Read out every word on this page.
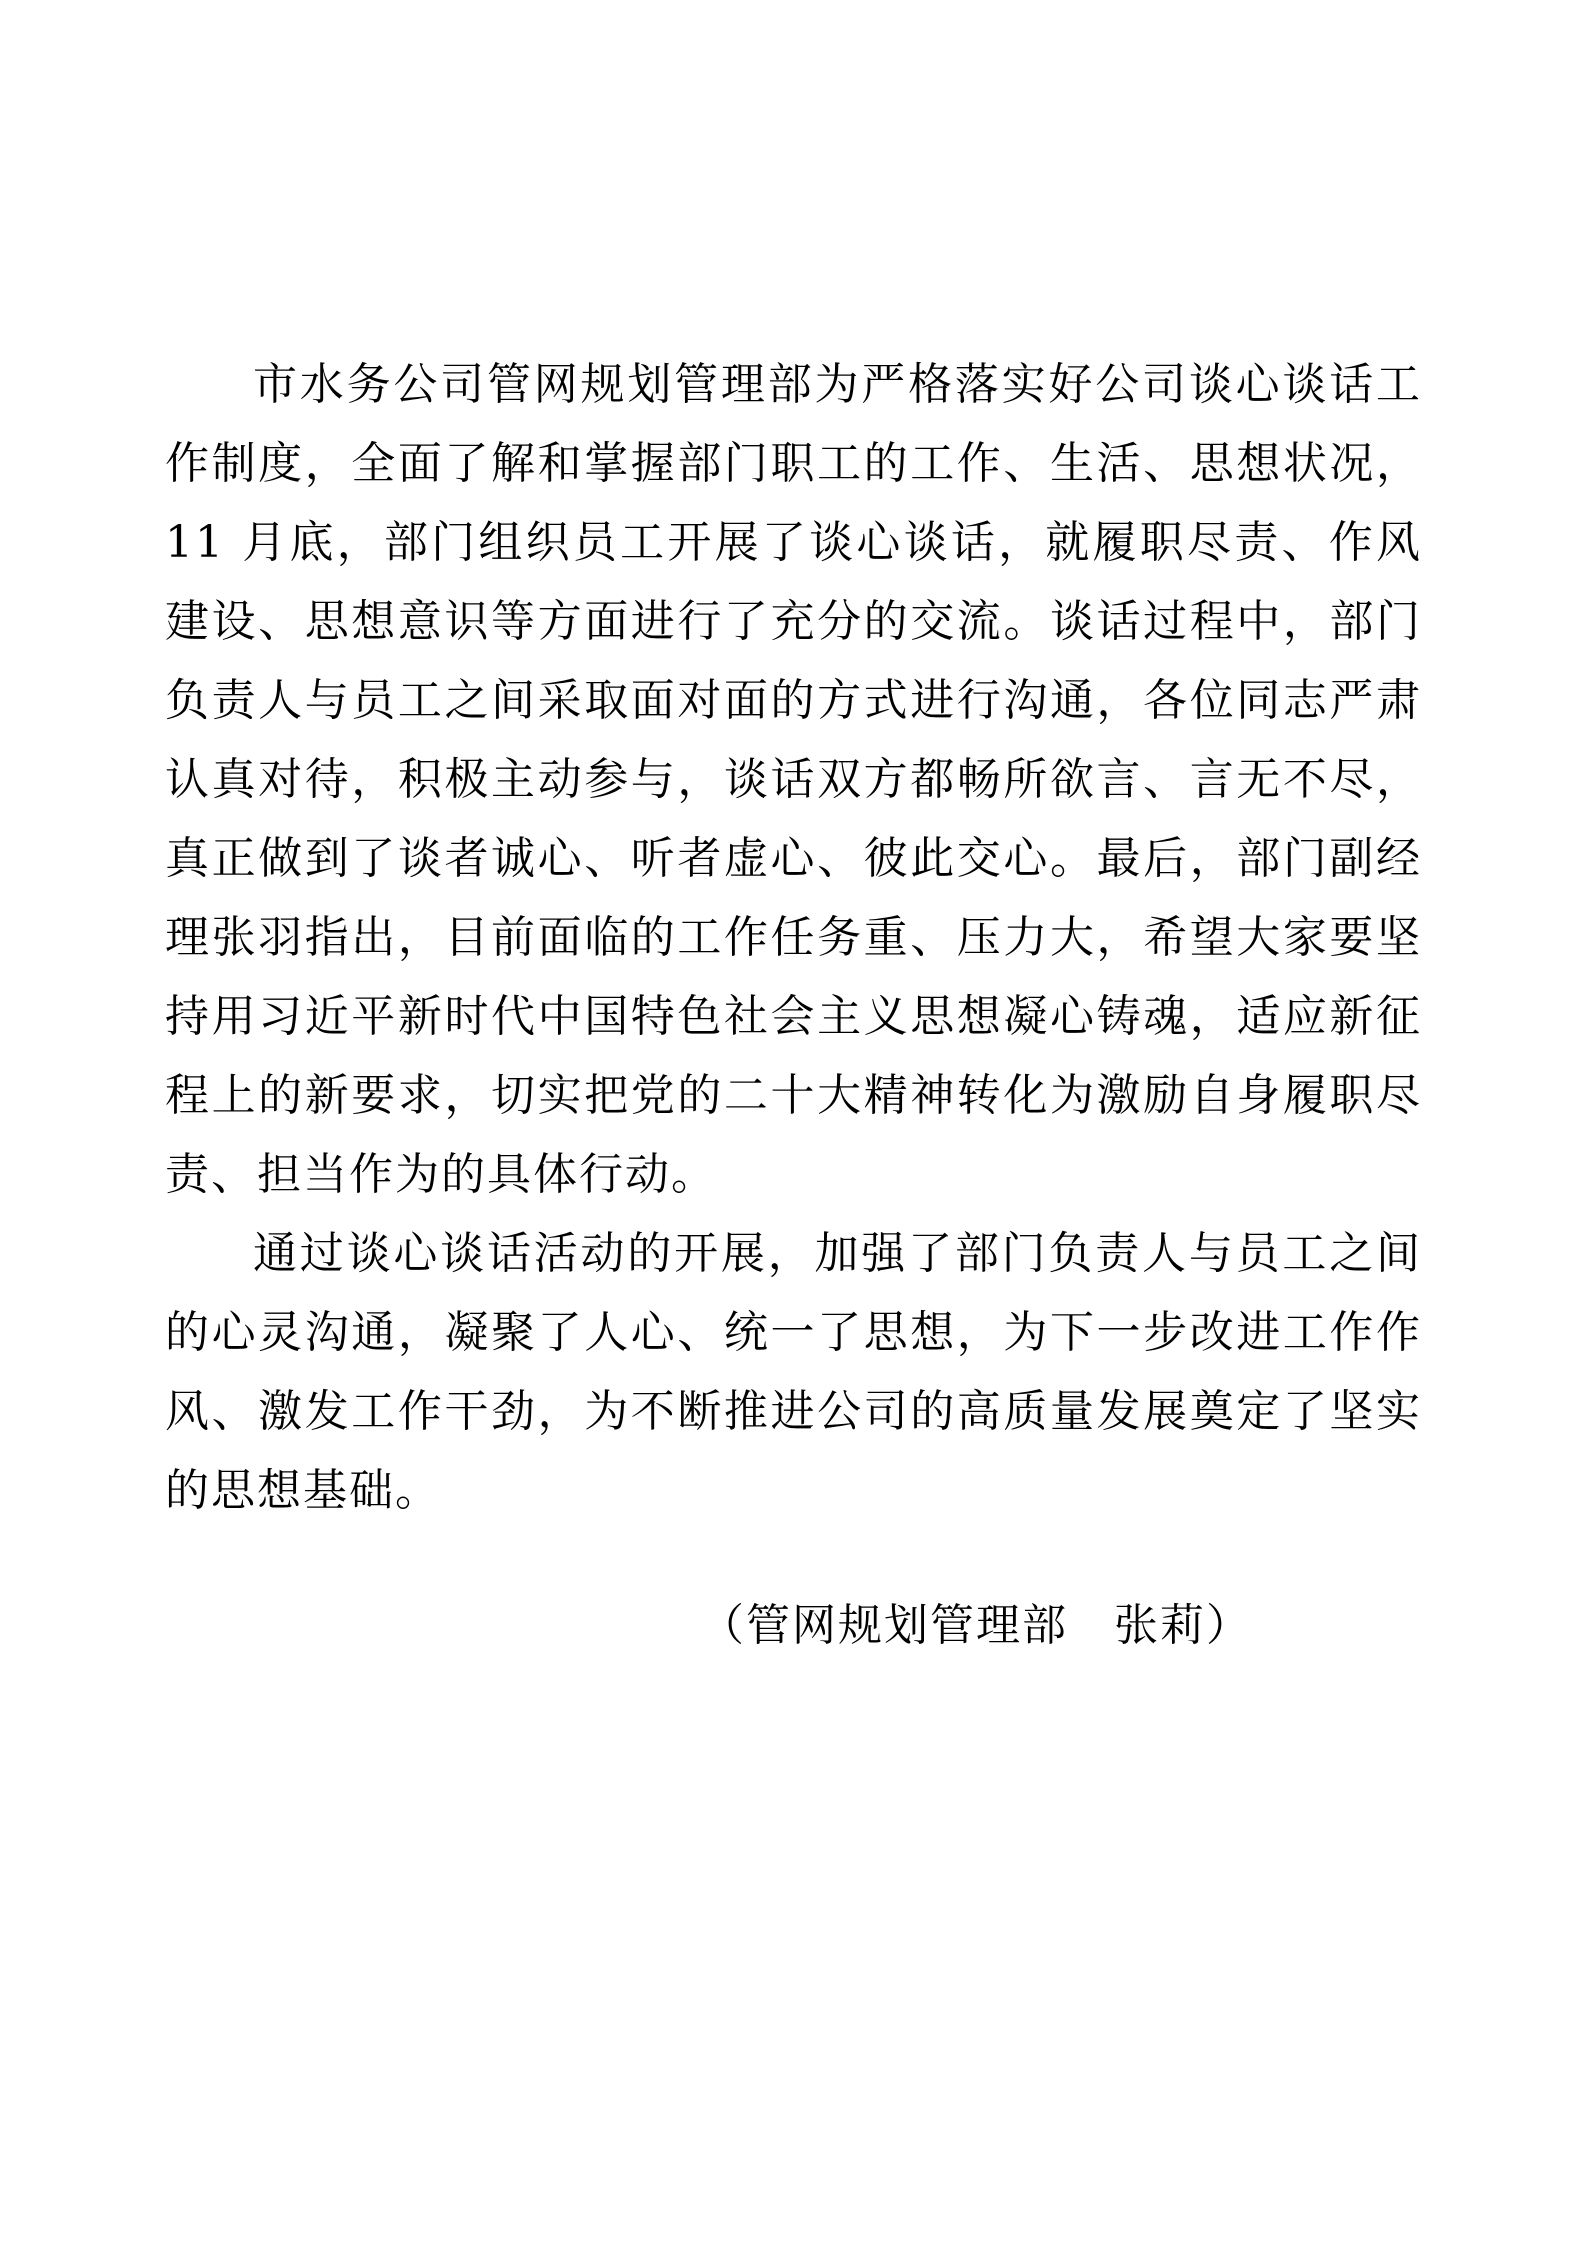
市水务公司管网规划管理部为严格落实好公司谈心谈话工作制度，全面了解和掌握部门职工的工作、生活、思想状况，11 月底，部门组织员工开展了谈心谈话，就履职尽责、作风建设、思想意识等方面进行了充分的交流。谈话过程中，部门负责人与员工之间采取面对面的方式进行沟通，各位同志严肃认真对待，积极主动参与，谈话双方都畅所欲言、言无不尽，真正做到了谈者诚心、听者虚心、彼此交心。最后，部门副经理张羽指出，目前面临的工作任务重、压力大，希望大家要坚持用习近平新时代中国特色社会主义思想凝心铸魂，适应新征程上的新要求，切实把党的二十大精神转化为激励自身履职尽责、担当作为的具体行动。

通过谈心谈话活动的开展，加强了部门负责人与员工之间的心灵沟通，凝聚了人心、统一了思想，为下一步改进工作作风、激发工作干劲，为不断推进公司的高质量发展奠定了坚实的思想基础。

（管网规划管理部　张莉）
